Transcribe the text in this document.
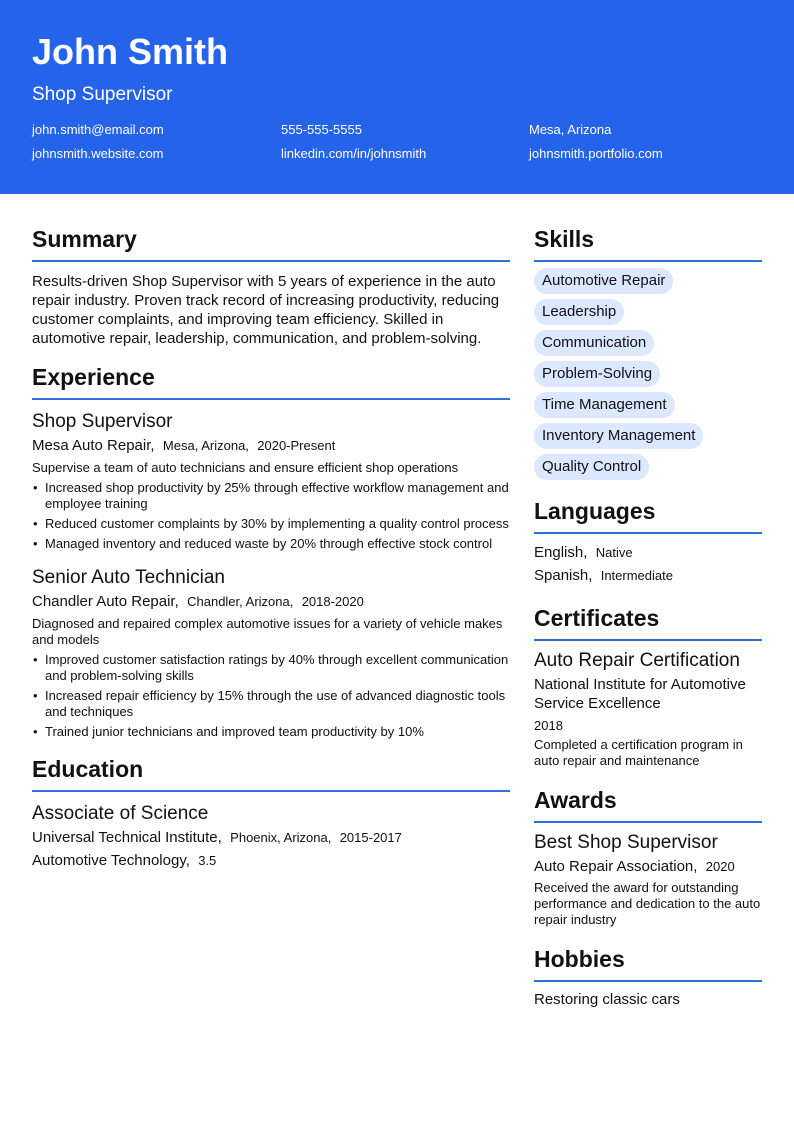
John Smith
Shop Supervisor
john.smith@email.com	555-555-5555	Mesa, Arizona
johnsmith.website.com	linkedin.com/in/johnsmith	johnsmith.portfolio.com
Summary
Results-driven Shop Supervisor with 5 years of experience in the auto repair industry. Proven track record of increasing productivity, reducing customer complaints, and improving team efficiency. Skilled in automotive repair, leadership, communication, and problem-solving.
Experience
Shop Supervisor
Mesa Auto Repair, Mesa, Arizona, 2020-Present
Supervise a team of auto technicians and ensure efficient shop operations
• Increased shop productivity by 25% through effective workflow management and employee training
• Reduced customer complaints by 30% by implementing a quality control process
• Managed inventory and reduced waste by 20% through effective stock control
Senior Auto Technician
Chandler Auto Repair, Chandler, Arizona, 2018-2020
Diagnosed and repaired complex automotive issues for a variety of vehicle makes and models
• Improved customer satisfaction ratings by 40% through excellent communication and problem-solving skills
• Increased repair efficiency by 15% through the use of advanced diagnostic tools and techniques
• Trained junior technicians and improved team productivity by 10%
Education
Associate of Science
Universal Technical Institute, Phoenix, Arizona, 2015-2017
Automotive Technology, 3.5
Skills
Automotive Repair
Leadership
Communication
Problem-Solving
Time Management
Inventory Management
Quality Control
Languages
English, Native
Spanish, Intermediate
Certificates
Auto Repair Certification
National Institute for Automotive Service Excellence
2018
Completed a certification program in auto repair and maintenance
Awards
Best Shop Supervisor
Auto Repair Association, 2020
Received the award for outstanding performance and dedication to the auto repair industry
Hobbies
Restoring classic cars
